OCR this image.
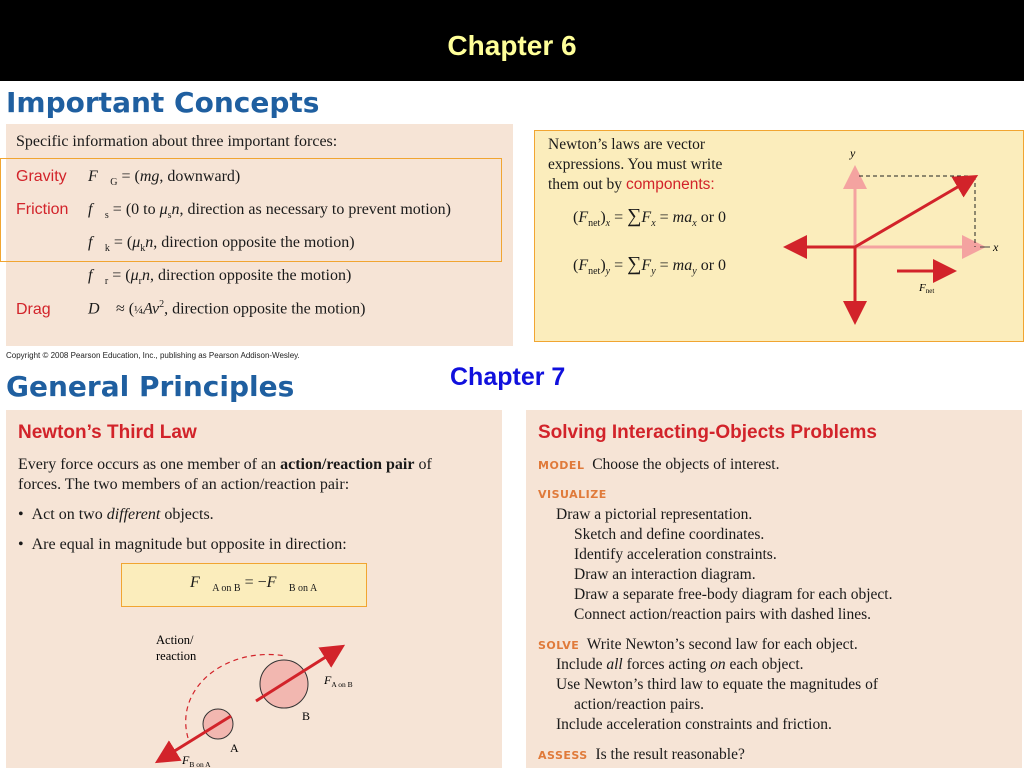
Chapter 6
Important Concepts
Specific information about three important forces:
Gravity $F⃗_G = (mg$, downward)
Friction $f⃗_s = (0$ to $\mu_sn$, direction as necessary to prevent motion)
$f⃗_k = (\mu_kn$, direction opposite the motion)
$f⃗_r = (\mu_rn$, direction opposite the motion)
Drag D⃗ ≈ ($\frac{1}{4}Av^2$, direction opposite the motion)
Copyright © 2008 Pearson Education, Inc., publishing as Pearson Addison-Wesley.
Newton’s laws are vector
expressions. You must write
them out by components:
$(F_{net})_x = \sum F_x = ma_x$ or 0
$(F_{net})_y = \sum F_y = ma_y$ or 0
x
y
Fnet
Chapter 7
General Principles
Newton’s Third Law
Every force occurs as one member of an action/reaction pair of
forces. The two members of an action/reaction pair:
•  Act on two different objects.
•  Are equal in magnitude but opposite in direction:
$F⃗_{A on B}$ = $-F⃗_{B on A}$
Action/
reaction
A
B
$F_{A on B}$
$F_{B on A}$
Solving Interacting-Objects Problems
MODEL Choose the objects of interest.
VISUALIZE
Draw a pictorial representation.
Sketch and define coordinates.
Identify acceleration constraints.
Draw an interaction diagram.
Draw a separate free-body diagram for each object.
Connect action/reaction pairs with dashed lines.
SOLVE Write Newton’s second law for each object.
Include all forces acting on each object.
Use Newton’s third law to equate the magnitudes of
action/reaction pairs.
Include acceleration constraints and friction.
ASSESS Is the result reasonable?
